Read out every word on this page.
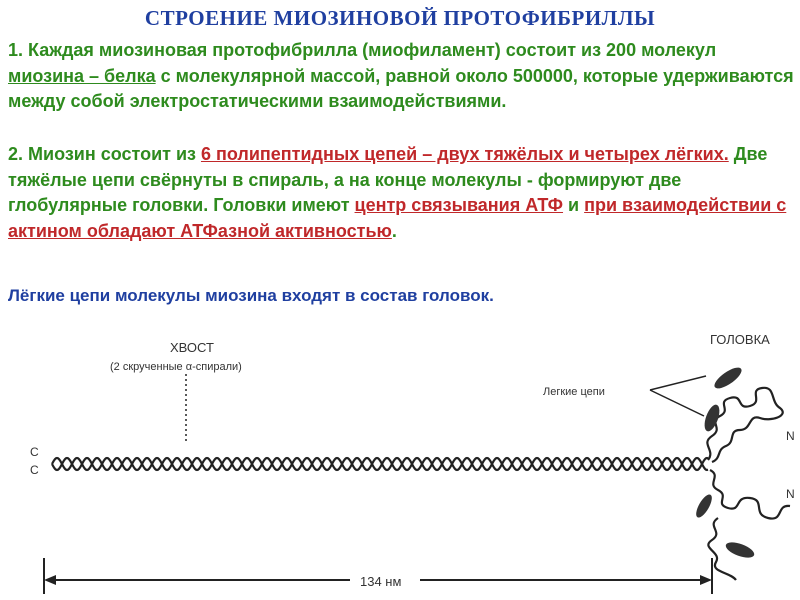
СТРОЕНИЕ МИОЗИНОВОЙ ПРОТОФИБРИЛЛЫ

1. Каждая миозиновая протофибрилла (миофиламент) состоит из 200 молекул миозина – белка с молекулярной массой, равной около 500000, которые удерживаются между собой электростатическими взаимодействиями.

2. Миозин состоит из 6 полипептидных цепей – двух тяжёлых и четырех лёгких. Две тяжёлые цепи свёрнуты в спираль, а на конце молекулы - формируют две глобулярные головки. Головки имеют центр связывания АТФ и при взаимодействии с актином обладают АТФазной активностью.

Лёгкие цепи молекулы миозина входят в состав головок.

ХВОСТ
(2 скрученные α-спирали)
ГОЛОВКА
Легкие цепи
C
C
N
N
134 нм
